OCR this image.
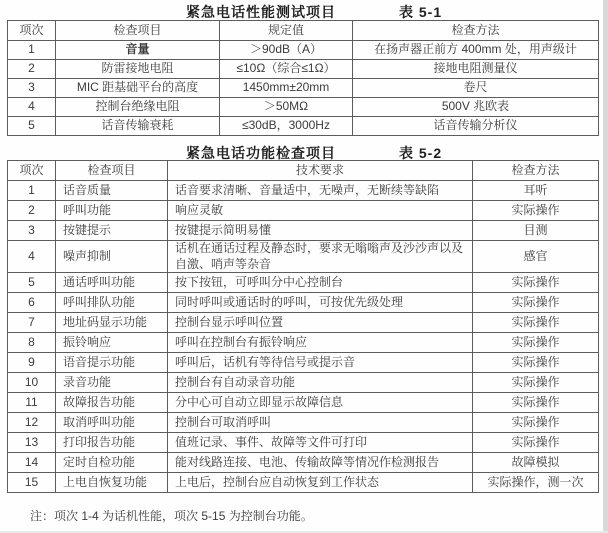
紧急电话性能测试项目	表 5-1
项次	检查项目	规定值	检查方法
1	音量	＞90dB（A）	在扬声器正前方 400mm 处，用声级计
2	防雷接地电阻	≤10Ω（综合≤1Ω）	接地电阻测量仪
3	MIC 距基础平台的高度	1450mm±20mm	卷尺
4	控制台绝缘电阻	＞50MΩ	500V 兆欧表
5	话音传输衰耗	≤30dB，3000Hz	话音传输分析仪
紧急电话功能检查项目	表 5-2
项次	检查项目	技术要求	检查方法
1	话音质量	话音要求清晰、音量适中，无噪声，无断续等缺陷	耳听
2	呼叫功能	响应灵敏	实际操作
3	按键提示	按键提示简明易懂	目测
4	噪声抑制	话机在通话过程及静态时，要求无嗡嗡声及沙沙声以及自激、哨声等杂音	感官
5	通话呼叫功能	按下按钮，可呼叫分中心控制台	实际操作
6	呼叫排队功能	同时呼叫或通话时的呼叫，可按优先级处理	实际操作
7	地址码显示功能	控制台显示呼叫位置	实际操作
8	振铃响应	呼叫在控制台有振铃响应	实际操作
9	语音提示功能	呼叫后，话机有等待信号或提示音	实际操作
10	录音功能	控制台有自动录音功能	实际操作
11	故障报告功能	分中心可自动立即显示故障信息	实际操作
12	取消呼叫功能	控制台可取消呼叫	实际操作
13	打印报告功能	值班记录、事件、故障等文件可打印	实际操作
14	定时自检功能	能对线路连接、电池、传输故障等情况作检测报告	故障模拟
15	上电自恢复功能	上电后，控制台应自动恢复到工作状态	实际操作，测一次
注：项次 1-4 为话机性能，项次 5-15 为控制台功能。
